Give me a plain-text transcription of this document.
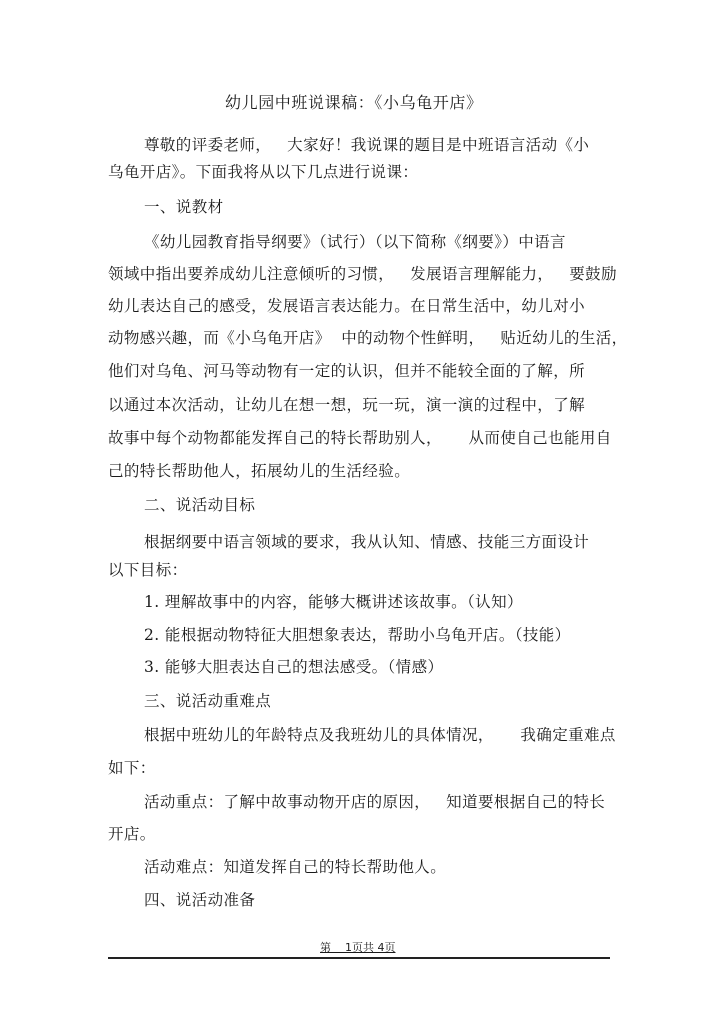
幼儿园中班说课稿：《小乌龟开店》
尊敬的评委老师，   大家好！我说课的题目是中班语言活动《小
乌龟开店》。下面我将从以下几点进行说课：
一、说教材
《幼儿园教育指导纲要》（试行）（以下简称《纲要》）中语言
领域中指出要养成幼儿注意倾听的习惯，   发展语言理解能力，   要鼓励
幼儿表达自己的感受，发展语言表达能力。在日常生活中，幼儿对小
动物感兴趣，而《小乌龟开店》  中的动物个性鲜明，   贴近幼儿的生活，
他们对乌龟、河马等动物有一定的认识，但并不能较全面的了解，所
以通过本次活动，让幼儿在想一想，玩一玩，演一演的过程中，了解
故事中每个动物都能发挥自己的特长帮助别人，     从而使自己也能用自
己的特长帮助他人，拓展幼儿的生活经验。
二、说活动目标
根据纲要中语言领域的要求，我从认知、情感、技能三方面设计
以下目标：
1. 理解故事中的内容，能够大概讲述该故事。（认知）
2. 能根据动物特征大胆想象表达，帮助小乌龟开店。（技能）
3. 能够大胆表达自己的想法感受。（情感）
三、说活动重难点
根据中班幼儿的年龄特点及我班幼儿的具体情况，     我确定重难点
如下：
活动重点：了解中故事动物开店的原因，   知道要根据自己的特长
开店。
活动难点：知道发挥自己的特长帮助他人。
四、说活动准备
第    1页共 4页
